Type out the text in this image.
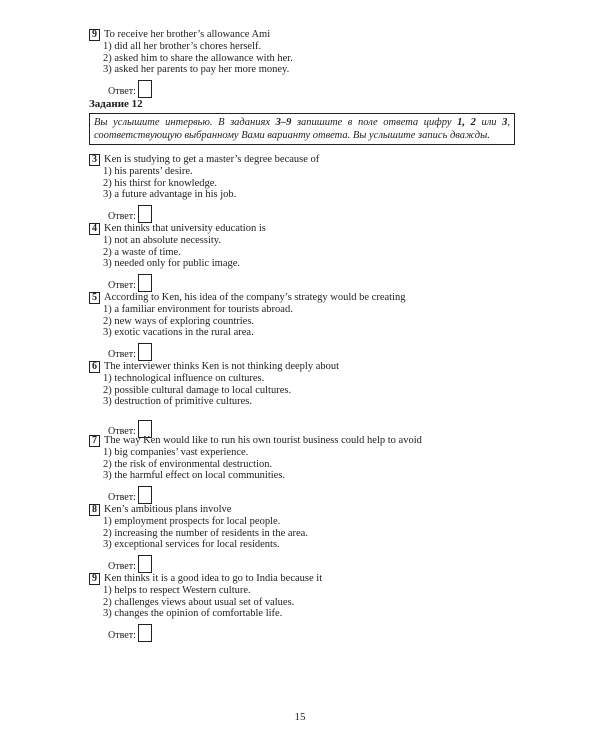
9 To receive her brother’s allowance Ami
1) did all her brother’s chores herself.
2) asked him to share the allowance with her.
3) asked her parents to pay her more money.
Ответ:
Задание 12
Вы услышите интервью. В заданиях 3–9 запишите в поле ответа цифру 1, 2 или 3, соответствующую выбранному Вами варианту ответа. Вы услышите запись дважды.
3 Ken is studying to get a master’s degree because of
1) his parents’ desire.
2) his thirst for knowledge.
3) a future advantage in his job.
Ответ:
4 Ken thinks that university education is
1) not an absolute necessity.
2) a waste of time.
3) needed only for public image.
Ответ:
5 According to Ken, his idea of the company’s strategy would be creating
1) a familiar environment for tourists abroad.
2) new ways of exploring countries.
3) exotic vacations in the rural area.
Ответ:
6 The interviewer thinks Ken is not thinking deeply about
1) technological influence on cultures.
2) possible cultural damage to local cultures.
3) destruction of primitive cultures.
Ответ:
7 The way Ken would like to run his own tourist business could help to avoid
1) big companies’ vast experience.
2) the risk of environmental destruction.
3) the harmful effect on local communities.
Ответ:
8 Ken’s ambitious plans involve
1) employment prospects for local people.
2) increasing the number of residents in the area.
3) exceptional services for local residents.
Ответ:
9 Ken thinks it is a good idea to go to India because it
1) helps to respect Western culture.
2) challenges views about usual set of values.
3) changes the opinion of comfortable life.
Ответ:
15
